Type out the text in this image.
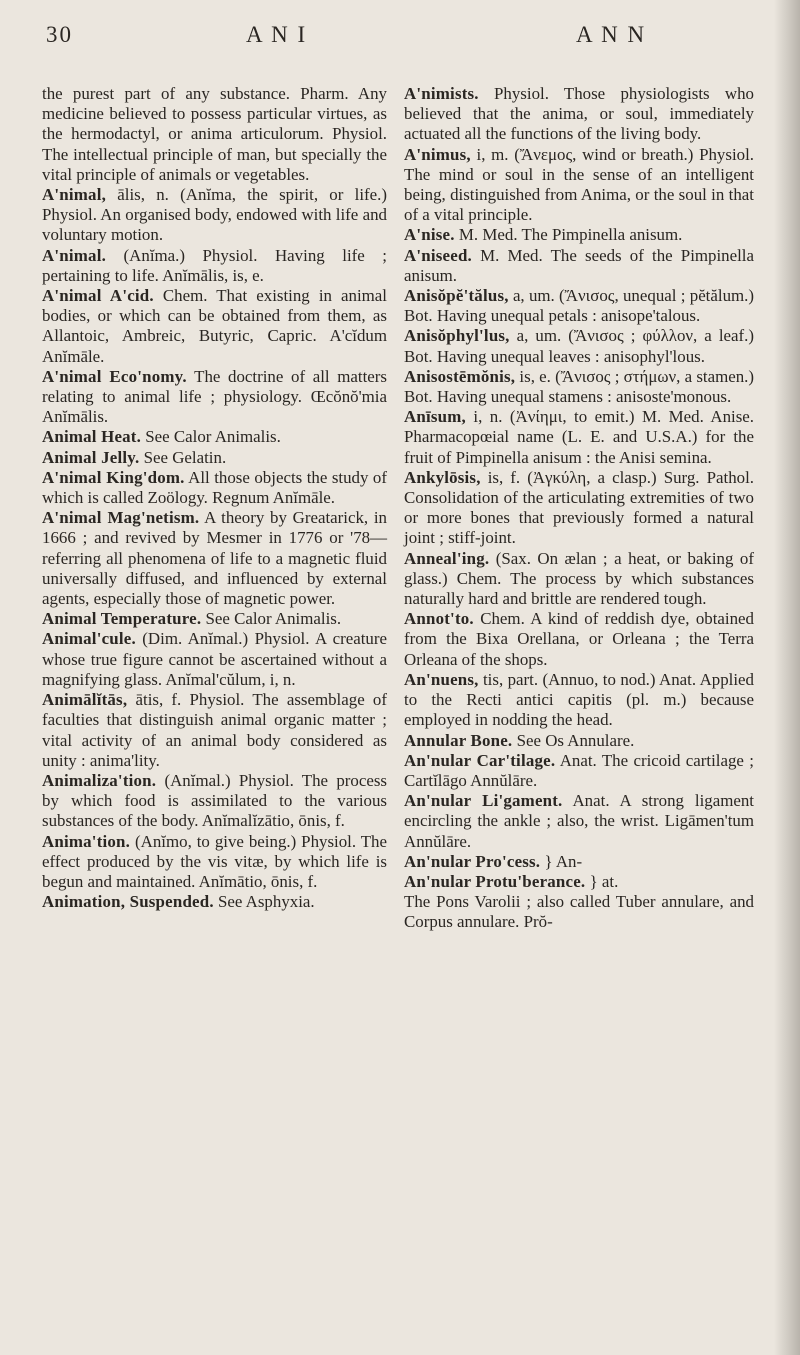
30	A N I	A N N

the purest part of any substance. Pharm. Any medicine believed to possess particular virtues, as the hermodactyl, or anima articulorum. Physiol. The intellectual principle of man, but specially the vital principle of animals or vegetables.

A'nimal, ālis, n. (Anĭma, the spirit, or life.) Physiol. An organised body, endowed with life and voluntary motion.

A'nimal. (Anĭma.) Physiol. Having life ; pertaining to life. Anĭmālis, is, e.

A'nimal A'cid. Chem. That existing in animal bodies, or which can be obtained from them, as Allantoic, Ambreic, Butyric, Capric. A'cĭdum Anĭmāle.

A'nimal Eco'nomy. The doctrine of all matters relating to animal life ; physiology. Œcŏnŏ'mia Anĭmālis.

Animal Heat. See Calor Animalis.

Animal Jelly. See Gelatin.

A'nimal King'dom. All those objects the study of which is called Zoölogy. Regnum Anĭmāle.

A'nimal Mag'netism. A theory by Greatarick, in 1666 ; and revived by Mesmer in 1776 or '78—referring all phenomena of life to a magnetic fluid universally diffused, and influenced by external agents, especially those of magnetic power.

Animal Temperature. See Calor Animalis.

Animal'cule. (Dim. Anĭmal.) Physiol. A creature whose true figure cannot be ascertained without a magnifying glass. Anĭmal'cŭlum, i, n.

Animālĭtās, ātis, f. Physiol. The assemblage of faculties that distinguish animal organic matter ; vital activity of an animal body considered as unity : anima'lity.

Animaliza'tion. (Anĭmal.) Physiol. The process by which food is assimilated to the various substances of the body. Anĭmalĭzātio, ōnis, f.

Anima'tion. (Anĭmo, to give being.) Physiol. The effect produced by the vis vitæ, by which life is begun and maintained. Anĭmātio, ōnis, f.

Animation, Suspended. See Asphyxia.

A'nimists. Physiol. Those physiologists who believed that the anima, or soul, immediately actuated all the functions of the living body.

A'nimus, i, m. (Ἄνεμος, wind or breath.) Physiol. The mind or soul in the sense of an intelligent being, distinguished from Anima, or the soul in that of a vital principle.

A'nise. M. Med. The Pimpinella anisum.

A'niseed. M. Med. The seeds of the Pimpinella anisum.

Anisŏpĕ'tălus, a, um. (Ἄνισος, unequal ; pĕtălum.) Bot. Having unequal petals : anisope'talous.

Anisŏphyl'lus, a, um. (Ἄνισος ; φύλλον, a leaf.) Bot. Having unequal leaves : anisophyl'lous.

Anisostēmŏnis, is, e. (Ἄνισος ; στήμων, a stamen.) Bot. Having unequal stamens : anisoste'monous.

Anīsum, i, n. (Ἀνίημι, to emit.) M. Med. Anise. Pharmacopœial name (L. E. and U.S.A.) for the fruit of Pimpinella anisum : the Anisi semina.

Ankylōsis, is, f. (Ἀγκύλη, a clasp.) Surg. Pathol. Consolidation of the articulating extremities of two or more bones that previously formed a natural joint ; stiff-joint.

Anneal'ing. (Sax. On ælan ; a heat, or baking of glass.) Chem. The process by which substances naturally hard and brittle are rendered tough.

Annot'to. Chem. A kind of reddish dye, obtained from the Bixa Orellana, or Orleana ; the Terra Orleana of the shops.

An'nuens, tis, part. (Annuo, to nod.) Anat. Applied to the Recti antici capitis (pl. m.) because employed in nodding the head.

Annular Bone. See Os Annulare.

An'nular Car'tilage. Anat. The cricoid cartilage ; Cartĭlāgo Annŭlāre.

An'nular Li'gament. Anat. A strong ligament encircling the ankle ; also, the wrist. Ligāmen'tum Annŭlāre.

An'nular Pro'cess. } An-

An'nular Protu'berance. } at.

The Pons Varolii ; also called Tuber annulare, and Corpus annulare. Prŏ-
